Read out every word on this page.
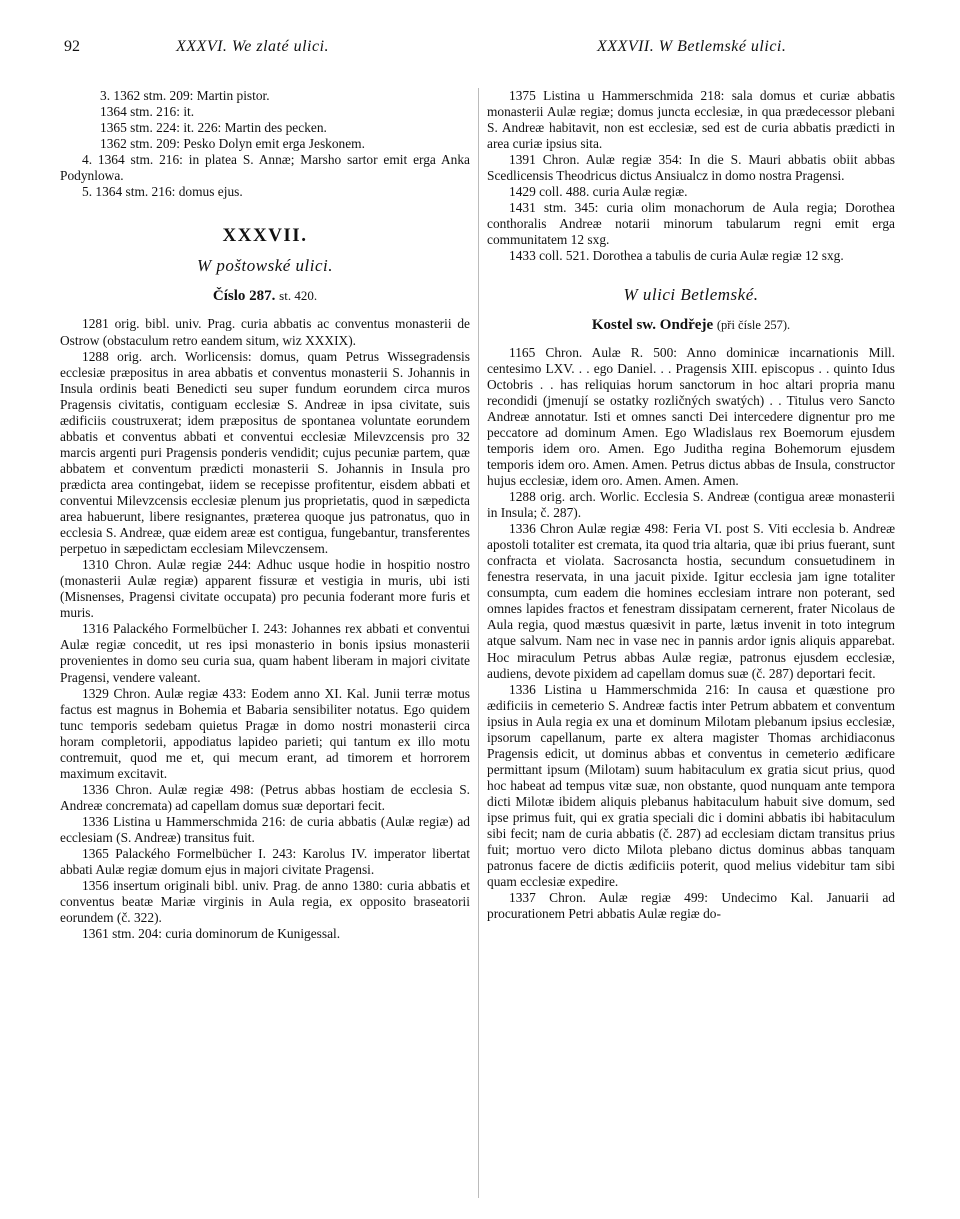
92	XXXVI. We zlaté ulici.	XXXVII. W Betlemské ulici.

3. 1362 stm. 209: Martin pistor.

1364 stm. 216: it.

1365 stm. 224: it. 226: Martin des pecken.

1362 stm. 209: Pesko Dolyn emit erga Jeskonem.

4. 1364 stm. 216: in platea S. Annæ; Marsho sartor emit erga Anka Podynlowa.

5. 1364 stm. 216: domus ejus.

XXXVII.
W poštowské ulici.
Číslo 287. st. 420.

1281 orig. bibl. univ. Prag. curia abbatis ac conventus monasterii de Ostrow (obstaculum retro eandem situm, wiz XXXIX).

1288 orig. arch. Worlicensis: domus, quam Petrus Wissegradensis ecclesiæ præpositus in area abbatis et conventus monasterii S. Johannis in Insula ordinis beati Benedicti seu super fundum eorundem circa muros Pragensis civitatis, contiguam ecclesiæ S. Andreæ in ipsa civitate, suis ædificiis coustruxerat; idem præpositus de spontanea voluntate eorundem abbatis et conventus abbati et conventui ecclesiæ Milevzcensis pro 32 marcis argenti puri Pragensis ponderis vendidit; cujus pecuniæ partem, quæ abbatem et conventum prædicti monasterii S. Johannis in Insula pro prædicta area contingebat, iidem se recepisse profitentur, eisdem abbati et conventui Milevzcensis ecclesiæ plenum jus proprietatis, quod in sæpedicta area habuerunt, libere resignantes, præterea quoque jus patronatus, quo in ecclesia S. Andreæ, quæ eidem areæ est contigua, fungebantur, transferentes perpetuo in sæpedictam ecclesiam Milevczensem.

1310 Chron. Aulæ regiæ 244: Adhuc usque hodie in hospitio nostro (monasterii Aulæ regiæ) apparent fissuræ et vestigia in muris, ubi isti (Misnenses, Pragensi civitate occupata) pro pecunia foderant more furis et muris.

1316 Palackého Formelbücher I. 243: Johannes rex abbati et conventui Aulæ regiæ concedit, ut res ipsi monasterio in bonis ipsius monasterii provenientes in domo seu curia sua, quam habent liberam in majori civitate Pragensi, vendere valeant.

1329 Chron. Aulæ regiæ 433: Eodem anno XI. Kal. Junii terræ motus factus est magnus in Bohemia et Babaria sensibiliter notatus. Ego quidem tunc temporis sedebam quietus Pragæ in domo nostri monasterii circa horam completorii, appodiatus lapideo parieti; qui tantum ex illo motu contremuit, quod me et, qui mecum erant, ad timorem et horrorem maximum excitavit.

1336 Chron. Aulæ regiæ 498: (Petrus abbas hostiam de ecclesia S. Andreæ concrematа) ad capellam domus suæ deportari fecit.

1336 Listina u Hammerschmida 216: de curia abbatis (Aulæ regiæ) ad ecclesiam (S. Andreæ) transitus fuit.

1365 Palackého Formelbücher I. 243: Karolus IV. imperator libertat abbati Aulæ regiæ domum ejus in majori civitate Pragensi.

1356 insertum originali bibl. univ. Prag. de anno 1380: curia abbatis et conventus beatæ Mariæ virginis in Aula regia, ex opposito braseatorii eorundem (č. 322).

1361 stm. 204: curia dominorum de Kunigessal.

1375 Listina u Hammerschmida 218: sala domus et curiæ abbatis monasterii Aulæ regiæ; domus juncta ecclesiæ, in qua prædecessor plebani S. Andreæ habitavit, non est ecclesiæ, sed est de curia abbatis prædicti in area curiæ ipsius sita.

1391 Chron. Aulæ regiæ 354: In die S. Mauri abbatis obiit abbas Scedlicensis Theodricus dictus Ansiualcz in domo nostra Pragensi.

1429 coll. 488. curia Aulæ regiæ.

1431 stm. 345: curia olim monachorum de Aula regia; Dorothea conthoralis Andreæ notarii minorum tabularum regni emit erga communitatem 12 sxg.

1433 coll. 521. Dorothea a tabulis de curia Aulæ regiæ 12 sxg.

W ulici Betlemské.
Kostel sw. Ondřeje (při čísle 257).

1165 Chron. Aulæ R. 500: Anno dominicæ incarnationis Mill. centesimo LXV. . . ego Daniel. . . Pragensis XIII. episcopus . . quinto Idus Octobris . . has reliquias horum sanctorum in hoc altari propria manu recondidi (jmenují se ostatky rozličných swatých) . . Titulus vero Sancto Andreæ annotatur. Isti et omnes sancti Dei intercedere dignentur pro me peccatore ad dominum Amen. Ego Wladislaus rex Boemorum ejusdem temporis idem oro. Amen. Ego Juditha regina Bohemorum ejusdem temporis idem oro. Amen. Amen. Petrus dictus abbas de Insula, constructor hujus ecclesiæ, idem oro. Amen. Amen. Amen.

1288 orig. arch. Worlic. Ecclesia S. Andreæ (contigua areæ monasterii in Insula; č. 287).

1336 Chron Aulæ regiæ 498: Feria VI. post S. Viti ecclesia b. Andreæ apostoli totaliter est cremata, ita quod tria altaria, quæ ibi prius fuerant, sunt confracta et violata. Sacrosancta hostia, secundum consuetudinem in fenestra reservata, in una jacuit pixide. Igitur ecclesia jam igne totaliter consumpta, cum eadem die homines ecclesiam intrare non poterant, sed omnes lapides fractos et fenestram dissipatam cernerent, frater Nicolaus de Aula regia, quod mæstus quæsivit in parte, lætus invenit in toto integrum atque salvum. Nam nec in vase nec in pannis ardor ignis aliquis apparebat. Hoc miraculum Petrus abbas Aulæ regiæ, patronus ejusdem ecclesiæ, audiens, devote pixidem ad capellam domus suæ (č. 287) deportari fecit.

1336 Listina u Hammerschmida 216: In causa et quæstione pro ædificiis in cemeterio S. Andreæ factis inter Petrum abbatem et conventum ipsius in Aula regia ex una et dominum Milotam plebanum ipsius ecclesiæ, ipsorum capellanum, parte ex altera magister Thomas archidiaconus Pragensis edicit, ut dominus abbas et conventus in cemeterio ædificare permittant ipsum (Milotam) suum habitaculum ex gratia sicut prius, quod hoc habeat ad tempus vitæ suæ, non obstante, quod nunquam ante tempora dicti Milotæ ibidem aliquis plebanus habitaculum habuit sive domum, sed ipse primus fuit, qui ex gratia speciali dic i domini abbatis ibi habitaculum sibi fecit; nam de curia abbatis (č. 287) ad ecclesiam dictam transitus prius fuit; mortuo vero dicto Milota plebano dictus dominus abbas tanquam patronus facere de dictis ædificiis poterit, quod melius videbitur tam sibi quam ecclesiæ expedire.

1337 Chron. Aulæ regiæ 499: Undecimo Kal. Januarii ad procurationem Petri abbatis Aulæ regiæ do-
